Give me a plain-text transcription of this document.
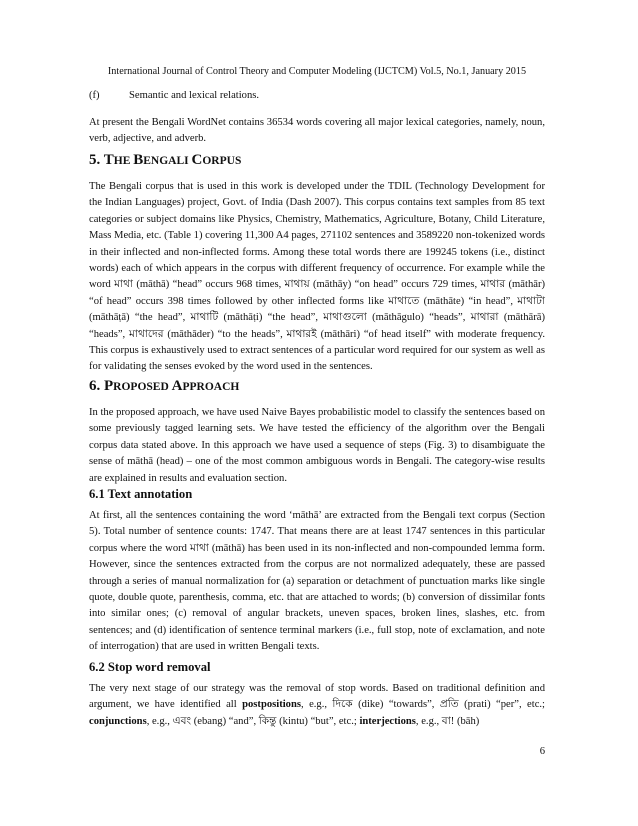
International Journal of Control Theory and Computer Modeling (IJCTCM) Vol.5, No.1, January 2015
(f)	Semantic and lexical relations.
At present the Bengali WordNet contains 36534 words covering all major lexical categories, namely, noun, verb, adjective, and adverb.
5. THE BENGALI CORPUS
The Bengali corpus that is used in this work is developed under the TDIL (Technology Development for the Indian Languages) project, Govt. of India (Dash 2007). This corpus contains text samples from 85 text categories or subject domains like Physics, Chemistry, Mathematics, Agriculture, Botany, Child Literature, Mass Media, etc. (Table 1) covering 11,300 A4 pages, 271102 sentences and 3589220 non-tokenized words in their inflected and non-inflected forms. Among these total words there are 199245 tokens (i.e., distinct words) each of which appears in the corpus with different frequency of occurrence. For example while the word মাথা (māthā) “head” occurs 968 times, মাথায় (māthāy) “on head” occurs 729 times, মাথার (māthār) “of head” occurs 398 times followed by other inflected forms like মাথাতে (māthāte) “in head”, মাথাটা (māthāṭā) “the head”, মাথাটি (māthāṭi) “the head”, মাথাগুলো (māthāgulo) “heads”, মাথারা (māthārā) “heads”, মাথাদের (māthāder) “to the heads”, মাথারই (māthāri) “of head itself” with moderate frequency. This corpus is exhaustively used to extract sentences of a particular word required for our system as well as for validating the senses evoked by the word used in the sentences.
6. PROPOSED APPROACH
In the proposed approach, we have used Naive Bayes probabilistic model to classify the sentences based on some previously tagged learning sets. We have tested the efficiency of the algorithm over the Bengali corpus data stated above. In this approach we have used a sequence of steps (Fig. 3) to disambiguate the sense of māthā (head) – one of the most common ambiguous words in Bengali. The category-wise results are explained in results and evaluation section.
6.1 Text annotation
At first, all the sentences containing the word ‘māthā’ are extracted from the Bengali text corpus (Section 5). Total number of sentence counts: 1747. That means there are at least 1747 sentences in this particular corpus where the word মাথা (māthā) has been used in its non-inflected and non-compounded lemma form. However, since the sentences extracted from the corpus are not normalized adequately, these are passed through a series of manual normalization for (a) separation or detachment of punctuation marks like single quote, double quote, parenthesis, comma, etc. that are attached to words; (b) conversion of dissimilar fonts into similar ones; (c) removal of angular brackets, uneven spaces, broken lines, slashes, etc. from sentences; and (d) identification of sentence terminal markers (i.e., full stop, note of exclamation, and note of interrogation) that are used in written Bengali texts.
6.2 Stop word removal
The very next stage of our strategy was the removal of stop words. Based on traditional definition and argument, we have identified all postpositions, e.g., দিকে (dike) “towards”, প্রতি (prati) “per”, etc.; conjunctions, e.g., এবং (ebang) “and”, কিন্তু (kintu) “but”, etc.; interjections, e.g., বা! (bāh)
6
